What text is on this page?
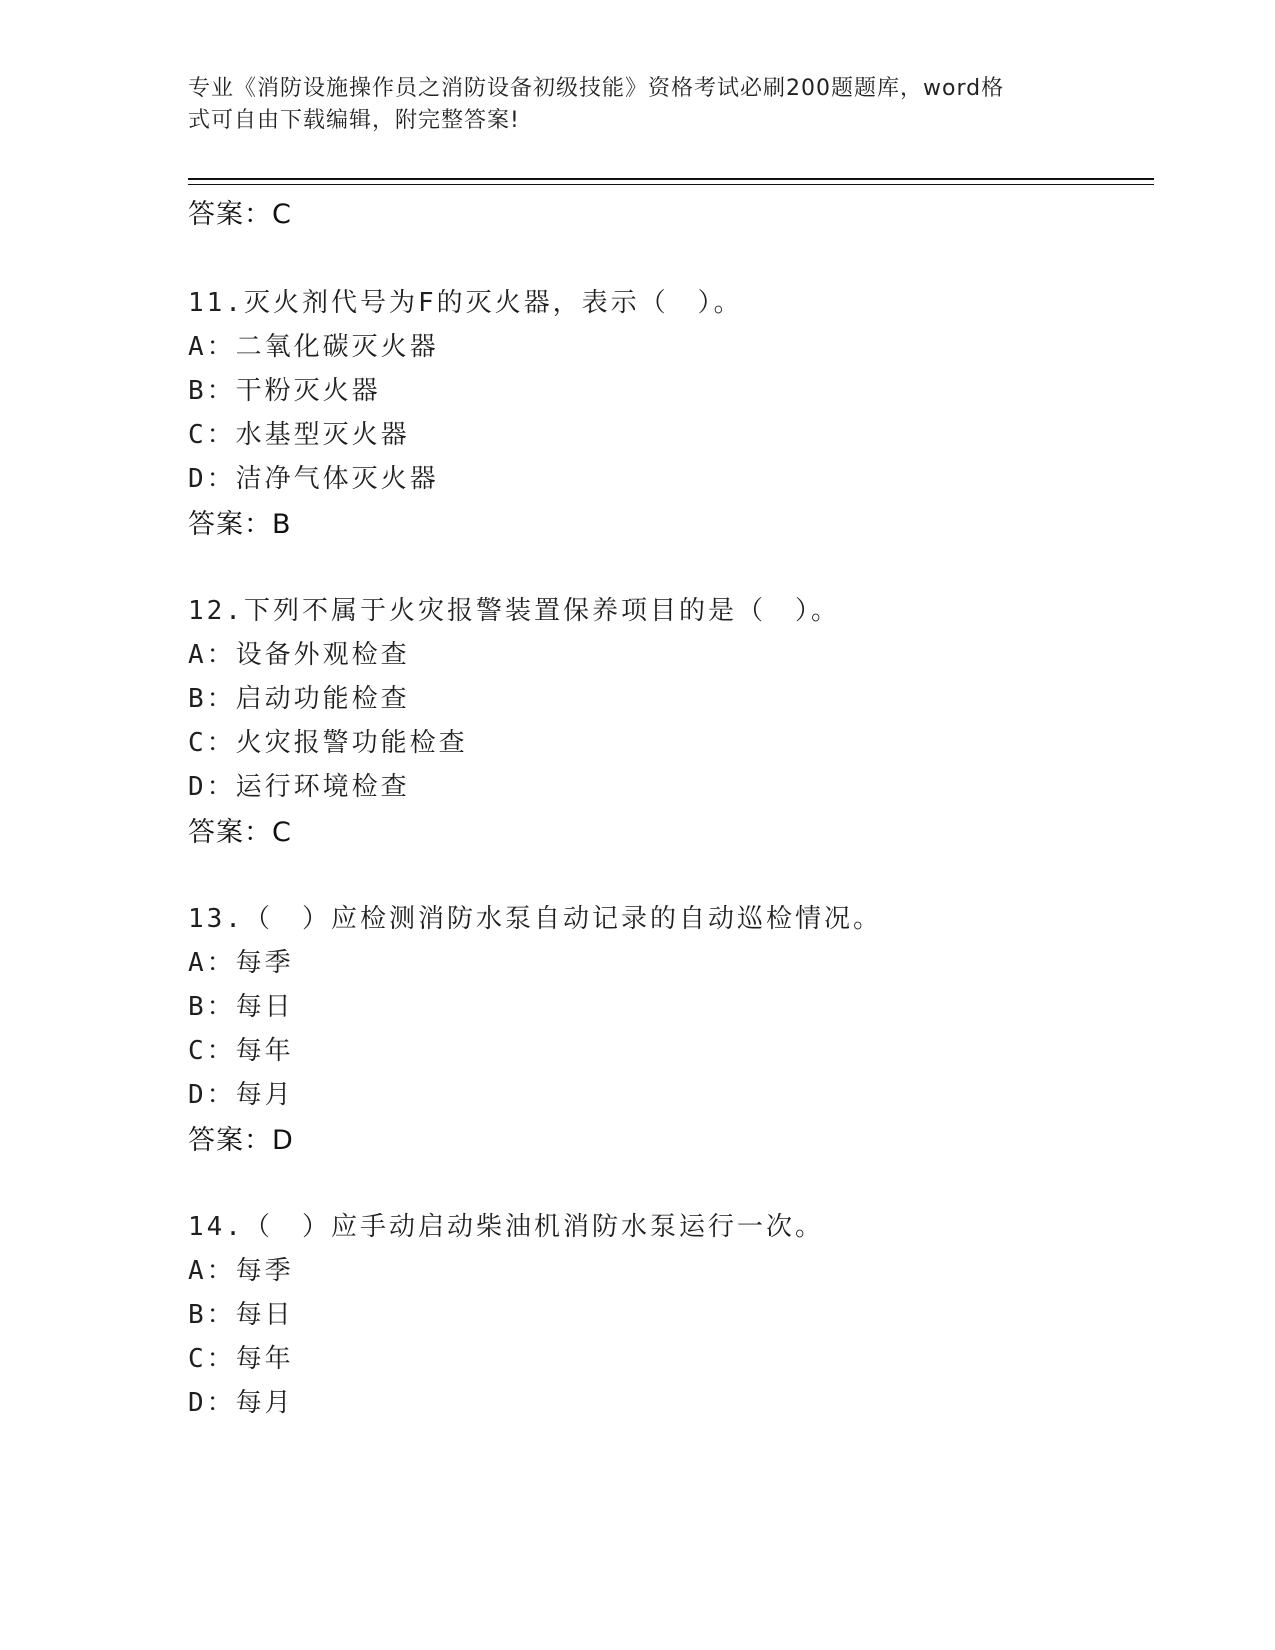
专业《消防设施操作员之消防设备初级技能》资格考试必刷200题题库，word格
式可自由下载编辑，附完整答案!
答案：C
11.灭火剂代号为F的灭火器，表示（　）。
A：二氧化碳灭火器
B：干粉灭火器
C：水基型灭火器
D：洁净气体灭火器
答案：B
12.下列不属于火灾报警装置保养项目的是（　）。
A：设备外观检查
B：启动功能检查
C：火灾报警功能检查
D：运行环境检查
答案：C
13.（　）应检测消防水泵自动记录的自动巡检情况。
A：每季
B：每日
C：每年
D：每月
答案：D
14.（　）应手动启动柴油机消防水泵运行一次。
A：每季
B：每日
C：每年
D：每月
